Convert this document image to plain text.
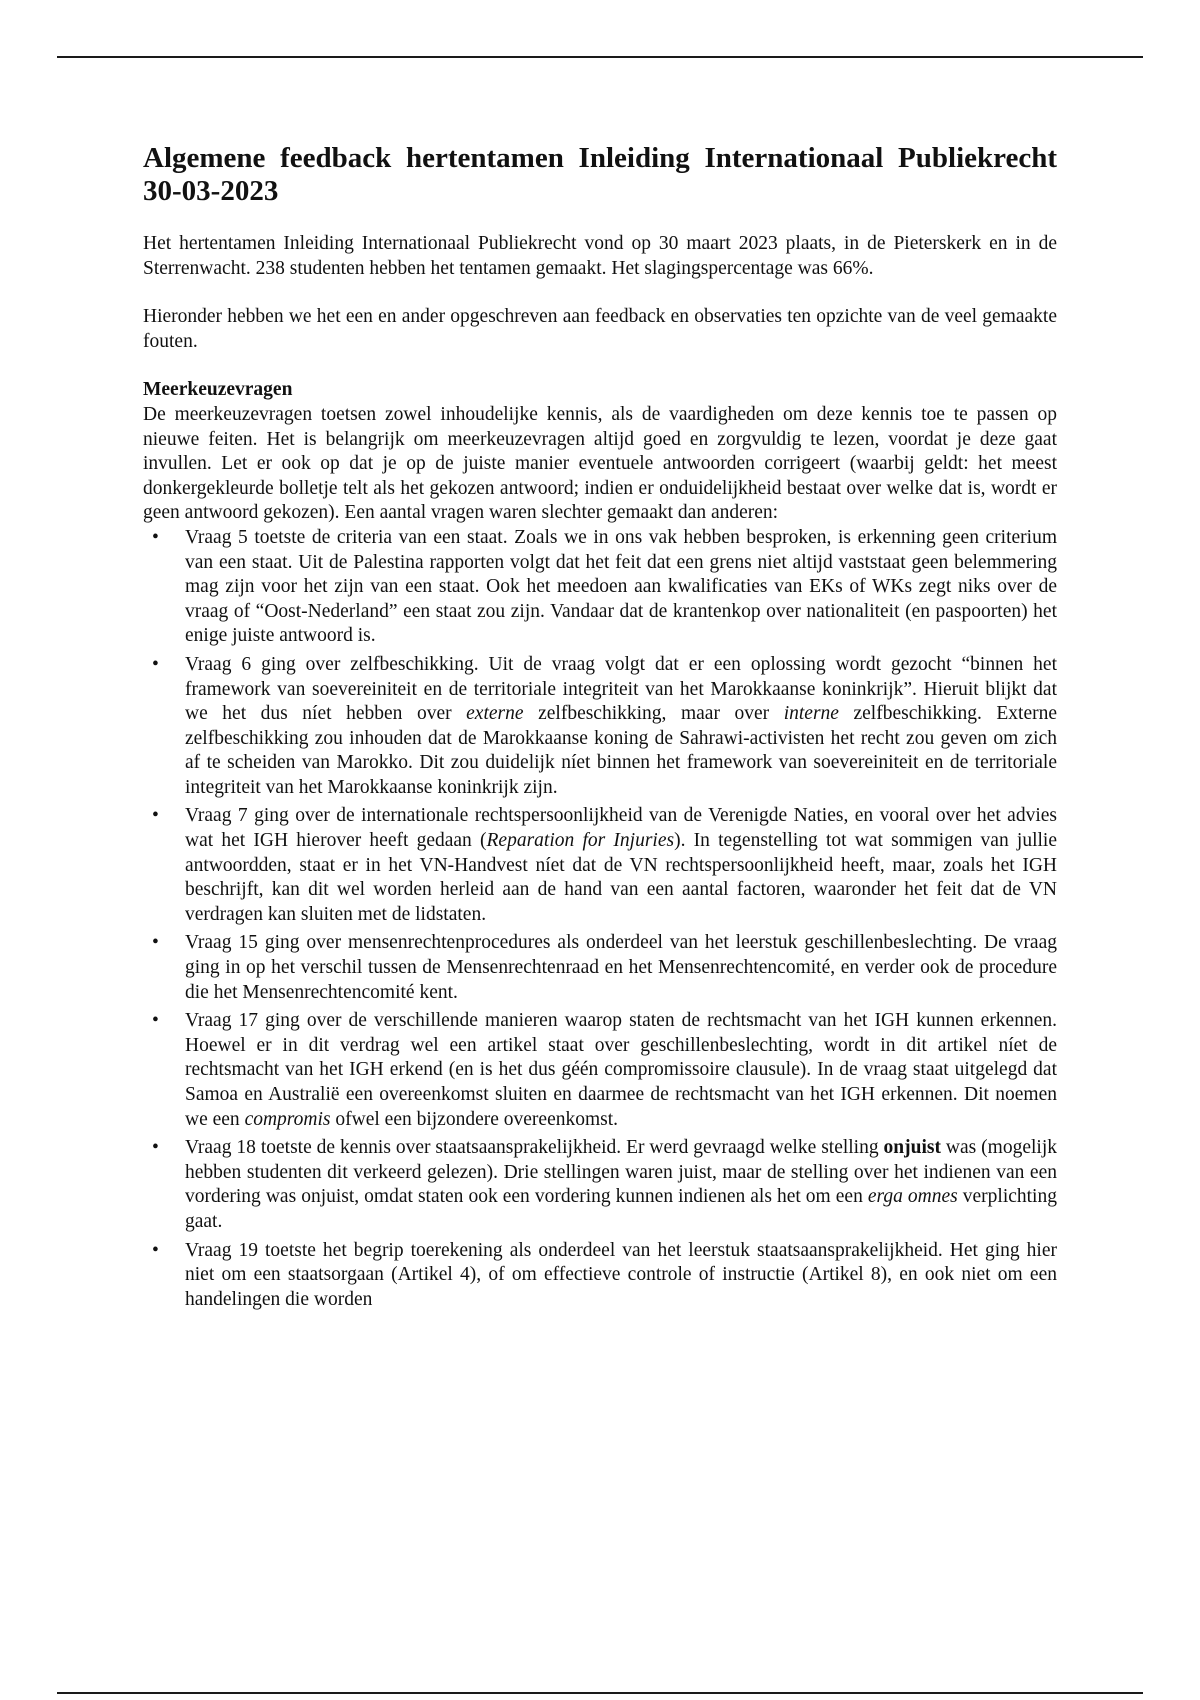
Algemene feedback hertentamen Inleiding Internationaal Publiekrecht 30-03-2023

Het hertentamen Inleiding Internationaal Publiekrecht vond op 30 maart 2023 plaats, in de Pieterskerk en in de Sterrenwacht. 238 studenten hebben het tentamen gemaakt. Het slagingspercentage was 66%.

Hieronder hebben we het een en ander opgeschreven aan feedback en observaties ten opzichte van de veel gemaakte fouten.

Meerkeuzevragen

De meerkeuzevragen toetsen zowel inhoudelijke kennis, als de vaardigheden om deze kennis toe te passen op nieuwe feiten. Het is belangrijk om meerkeuzevragen altijd goed en zorgvuldig te lezen, voordat je deze gaat invullen. Let er ook op dat je op de juiste manier eventuele antwoorden corrigeert (waarbij geldt: het meest donkergekleurde bolletje telt als het gekozen antwoord; indien er onduidelijkheid bestaat over welke dat is, wordt er geen antwoord gekozen). Een aantal vragen waren slechter gemaakt dan anderen:

• Vraag 5 toetste de criteria van een staat. Zoals we in ons vak hebben besproken, is erkenning geen criterium van een staat. Uit de Palestina rapporten volgt dat het feit dat een grens niet altijd vaststaat geen belemmering mag zijn voor het zijn van een staat. Ook het meedoen aan kwalificaties van EKs of WKs zegt niks over de vraag of “Oost-Nederland” een staat zou zijn. Vandaar dat de krantenkop over nationaliteit (en paspoorten) het enige juiste antwoord is.
• Vraag 6 ging over zelfbeschikking. Uit de vraag volgt dat er een oplossing wordt gezocht “binnen het framework van soevereiniteit en de territoriale integriteit van het Marokkaanse koninkrijk”. Hieruit blijkt dat we het dus níet hebben over externe zelfbeschikking, maar over interne zelfbeschikking. Externe zelfbeschikking zou inhouden dat de Marokkaanse koning de Sahrawi-activisten het recht zou geven om zich af te scheiden van Marokko. Dit zou duidelijk níet binnen het framework van soevereiniteit en de territoriale integriteit van het Marokkaanse koninkrijk zijn.
• Vraag 7 ging over de internationale rechtspersoonlijkheid van de Verenigde Naties, en vooral over het advies wat het IGH hierover heeft gedaan (Reparation for Injuries). In tegenstelling tot wat sommigen van jullie antwoordden, staat er in het VN-Handvest níet dat de VN rechtspersoonlijkheid heeft, maar, zoals het IGH beschrijft, kan dit wel worden herleid aan de hand van een aantal factoren, waaronder het feit dat de VN verdragen kan sluiten met de lidstaten.
• Vraag 15 ging over mensenrechtenprocedures als onderdeel van het leerstuk geschillenbeslechting. De vraag ging in op het verschil tussen de Mensenrechtenraad en het Mensenrechtencomité, en verder ook de procedure die het Mensenrechtencomité kent.
• Vraag 17 ging over de verschillende manieren waarop staten de rechtsmacht van het IGH kunnen erkennen. Hoewel er in dit verdrag wel een artikel staat over geschillenbeslechting, wordt in dit artikel níet de rechtsmacht van het IGH erkend (en is het dus géén compromissoire clausule). In de vraag staat uitgelegd dat Samoa en Australië een overeenkomst sluiten en daarmee de rechtsmacht van het IGH erkennen. Dit noemen we een compromis ofwel een bijzondere overeenkomst.
• Vraag 18 toetste de kennis over staatsaansprakelijkheid. Er werd gevraagd welke stelling onjuist was (mogelijk hebben studenten dit verkeerd gelezen). Drie stellingen waren juist, maar de stelling over het indienen van een vordering was onjuist, omdat staten ook een vordering kunnen indienen als het om een erga omnes verplichting gaat.
• Vraag 19 toetste het begrip toerekening als onderdeel van het leerstuk staatsaansprakelijkheid. Het ging hier niet om een staatsorgaan (Artikel 4), of om effectieve controle of instructie (Artikel 8), en ook niet om een handelingen die worden
